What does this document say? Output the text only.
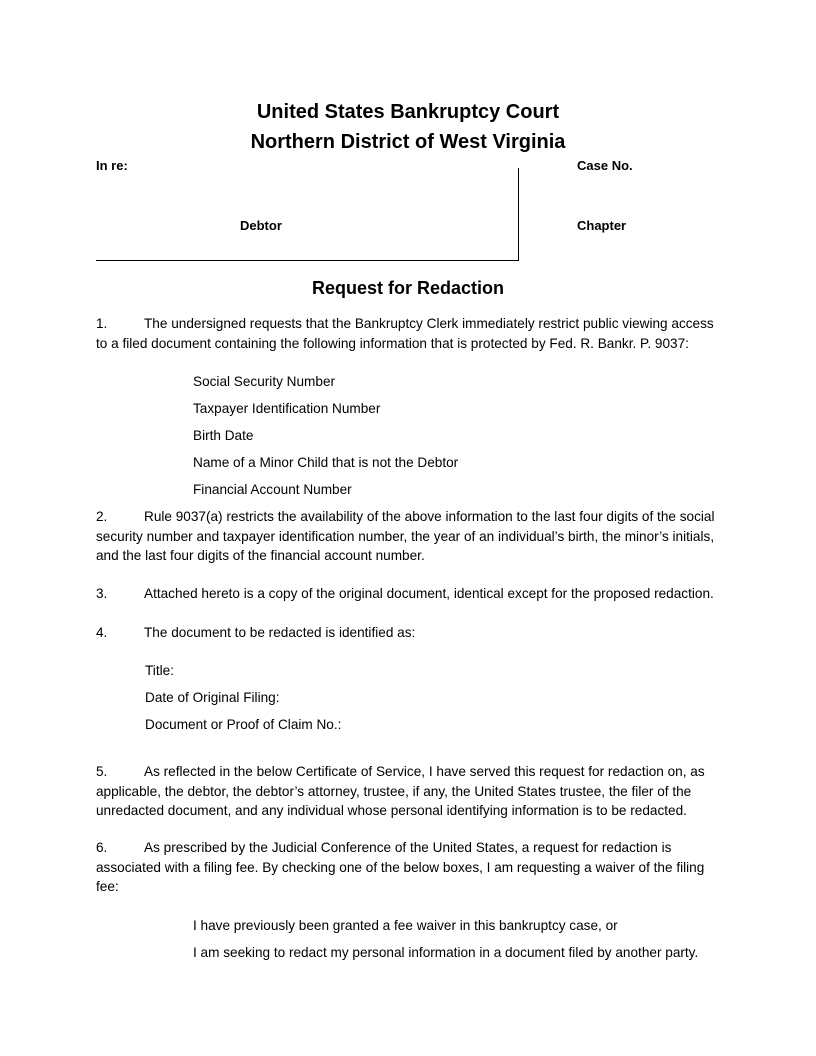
United States Bankruptcy Court
Northern District of West Virginia
In re:	Case No.
Debtor	Chapter
Request for Redaction
1.	The undersigned requests that the Bankruptcy Clerk immediately restrict public viewing access to a filed document containing the following information that is protected by Fed. R. Bankr. P. 9037:
Social Security Number
Taxpayer Identification Number
Birth Date
Name of a Minor Child that is not the Debtor
Financial Account Number
2.	Rule 9037(a) restricts the availability of the above information to the last four digits of the social security number and taxpayer identification number, the year of an individual’s birth, the minor’s initials, and the last four digits of the financial account number.
3.	Attached hereto is a copy of the original document, identical except for the proposed redaction.
4.	The document to be redacted is identified as:
Title:
Date of Original Filing:
Document or Proof of Claim No.:
5.	As reflected in the below Certificate of Service, I have served this request for redaction on, as applicable, the debtor, the debtor’s attorney, trustee, if any, the United States trustee, the filer of the unredacted document, and any individual whose personal identifying information is to be redacted.
6.	As prescribed by the Judicial Conference of the United States, a request for redaction is associated with a filing fee. By checking one of the below boxes, I am requesting a waiver of the filing fee:
I have previously been granted a fee waiver in this bankruptcy case, or
I am seeking to redact my personal information in a document filed by another party.
